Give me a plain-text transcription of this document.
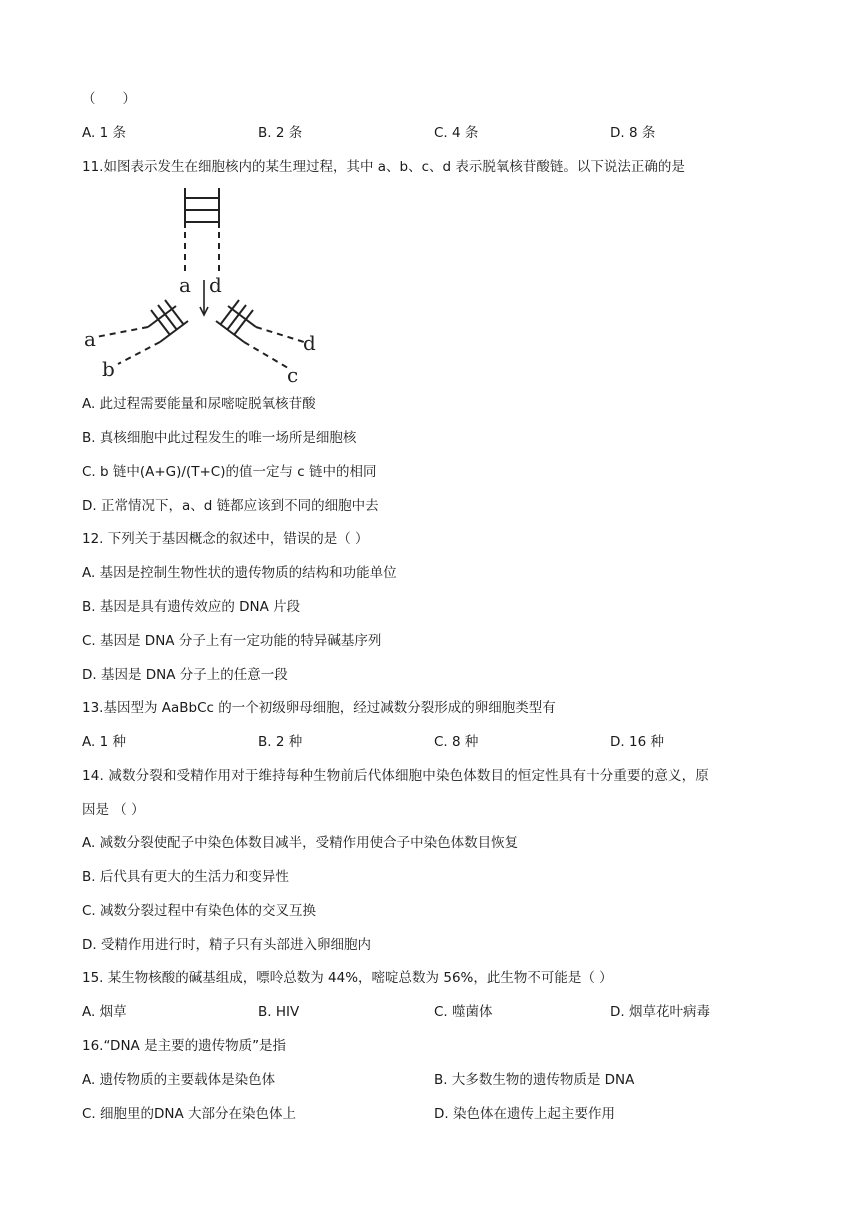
（　　）
A. 1 条	B. 2 条	C. 4 条	D. 8 条
11.如图表示发生在细胞核内的某生理过程，其中 a、b、c、d 表示脱氧核苷酸链。以下说法正确的是
a d
a
b
d
c
A. 此过程需要能量和尿嘧啶脱氧核苷酸
B. 真核细胞中此过程发生的唯一场所是细胞核
C. b 链中(A+G)/(T+C)的值一定与 c 链中的相同
D. 正常情况下，a、d 链都应该到不同的细胞中去
12. 下列关于基因概念的叙述中，错误的是（ ）
A. 基因是控制生物性状的遗传物质的结构和功能单位
B. 基因是具有遗传效应的 DNA 片段
C. 基因是 DNA 分子上有一定功能的特异碱基序列
D. 基因是 DNA 分子上的任意一段
13.基因型为 AaBbCc 的一个初级卵母细胞，经过减数分裂形成的卵细胞类型有
A. 1 种	B. 2 种	C. 8 种	D. 16 种
14. 减数分裂和受精作用对于维持每种生物前后代体细胞中染色体数目的恒定性具有十分重要的意义，原
因是 （ ）
A. 减数分裂使配子中染色体数目减半，受精作用使合子中染色体数目恢复
B. 后代具有更大的生活力和变异性
C. 减数分裂过程中有染色体的交叉互换
D. 受精作用进行时，精子只有头部进入卵细胞内
15. 某生物核酸的碱基组成，嘌呤总数为 44%，嘧啶总数为 56%，此生物不可能是（ ）
A. 烟草	B. HIV	C. 噬菌体	D. 烟草花叶病毒
16.“DNA 是主要的遗传物质”是指
A. 遗传物质的主要载体是染色体	B. 大多数生物的遗传物质是 DNA
C. 细胞里的DNA 大部分在染色体上	D. 染色体在遗传上起主要作用
